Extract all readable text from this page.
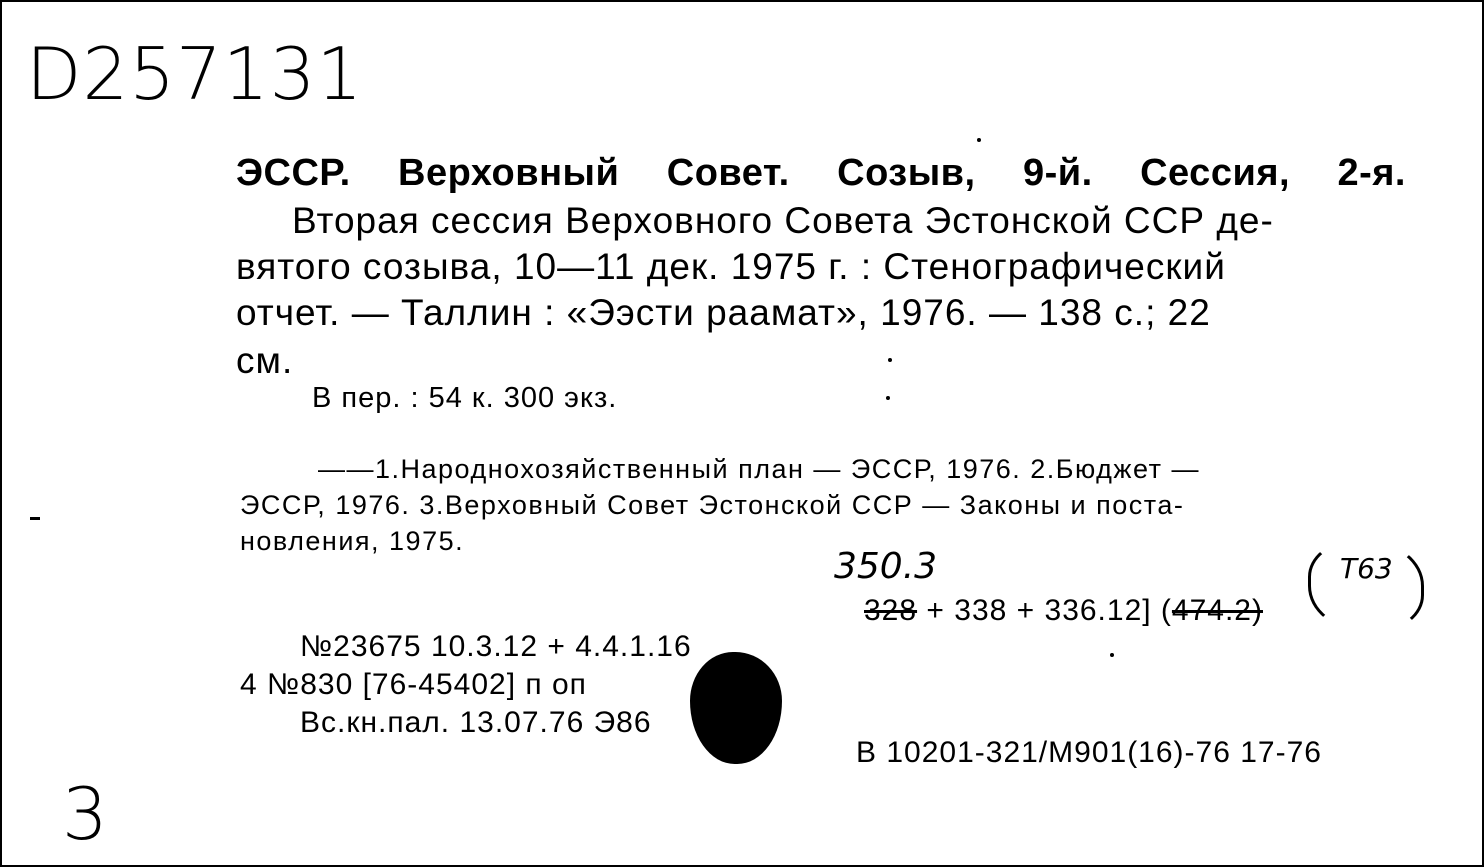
D257131
ЭССР. Верховный Совет. Созыв, 9-й. Сессия, 2-я.
Вторая сессия Верховного Совета Эстонской ССР де-
вятого созыва, 10—11 дек. 1975 г. : Стенографический
отчет. — Таллин : «Ээсти раамат», 1976. — 138 с.; 22
см.
В пер. : 54 к. 300 экз.
——1.Народнохозяйственный план — ЭССР, 1976. 2.Бюджет —
ЭССР, 1976. 3.Верховный Совет Эстонской ССР — Законы и поста-
новления, 1975.
350.3	Т63
328 + 338 + 336.12] (474.2)
№23675 10.3.12 + 4.4.1.16
4 №830 [76-45402] п оп
Вс.кн.пал. 13.07.76 Э86
В 10201-321/М901(16)-76 17-76
3
